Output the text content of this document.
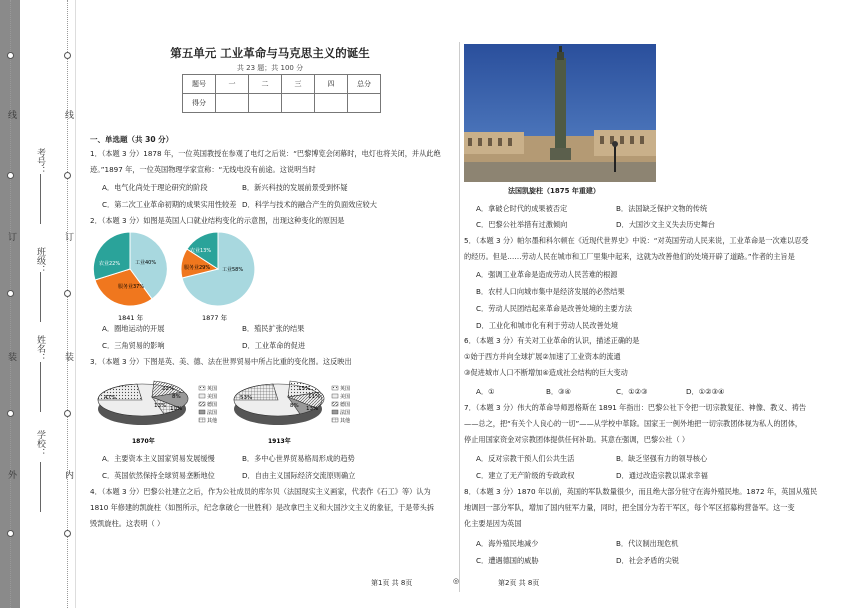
线
订
装
外
线
订
装
内
学校：
姓名：
班级：
考号：
第五单元 工业革命与马克思主义的诞生
共 23 题；共 100 分
题号	一	二	三	四	总分
得分					
一、单选题（共 30 分）
1．（本题 3 分）1878 年，一位英国教授在参观了电灯之后说：“巴黎博览会闭幕时，电灯也将关闭，并从此绝
迹。”1897 年，一位英国物理学家宣称：“无线电没有前途。这说明当时
A．电气化尚处于理论研究的阶段	B．新兴科技的发展前景受到怀疑
C．第二次工业革命初期的成果实用性较差 D．科学与技术的融合产生的负面效应较大
2．（本题 3 分）如图是英国人口就业结构变化的示意图，出现这种变化的原因是
工业40%
农业22%
服务业37%
1841 年
工业58%
农业13%
服务业29%
1877 年
A．圈地运动的开展	B．殖民扩张的结果
C．三角贸易的影响	D．工业革命的促进
3．（本题 3 分）下图是英、美、德、法在世界贸易中所占比重的变化图。这反映出
22%
47%	8%
13% 10%
1870年
英国
美国
德国
法国
其他
15%
53%	11%
8% 13%
1913年
英国
美国
德国
法国
其他
A．主要资本主义国家贸易发展缓慢	B．多中心世界贸易格局形成的趋势
C．英国依然保持全球贸易垄断地位	D．自由主义国际经济交流原则确立
4．（本题 3 分）巴黎公社建立之后，作为公社成员的库尔贝（法国现实主义画家，代表作《石工》等）认为
1810 年修建的凯旋柱（如图所示，纪念拿破仑一世胜利）是改拿巴主义和大国沙文主义的象征，于是带头拆
毁凯旋柱。这表明（ ）
法国凯旋柱（1875 年重建）
A．拿破仑时代的成果被否定	B．法国缺乏保护文物的传统
C．巴黎公社举措有过激倾向	D．大国沙文主义失去历史舞台
5．（本题 3 分）帕尔墨和科尔顿在《近现代世界史》中说：“对英国劳动人民来说，工业革命是一次难以忍受
的经历。但是……劳动人民在城市和工厂里集中起来，这就为改善他们的处境开辟了道路。”作者的主旨是
A．强调工业革命是造成劳动人民苦难的根源
B．农村人口向城市集中是经济发展的必然结果
C．劳动人民团结起来革命是改善处境的主要方法
D．工业化和城市化有利于劳动人民改善处境
6．（本题 3 分）有关对工业革命的认识，描述正确的是
①始于西方并向全球扩展②加速了工业资本的流通
③促进城市人口不断增加④造成社会结构的巨大变动
A．①	B．③④	C．①②③	D．①②③④
7．（本题 3 分）伟大的革命导师恩格斯在 1891 年指出：巴黎公社下令把一切宗教复征、神像、教义、祷告
——总之，把“有关个人良心的一切”——从学校中革除。国家王一例外地把一切宗教团体视为私人的团体，
停止用国家资金对宗教团体提供任何补助。其意在强调，巴黎公社（ ）
A．反对宗教干预人们公共生活	B．缺乏坚强有力的领导核心
C．建立了无产阶级的专政政权	D．通过改造宗教以谋求幸福
8．（本题 3 分）1870 年以前，英国的军队数量很少，而且绝大部分驻守在海外殖民地。1872 年，英国从殖民
地调回一部分军队，增加了国内驻军力量，同时，把全国分为若干军区，每个军区招募构营备军。这一变
化主要是因为英国
A．海外殖民地减少	B．代议制出现危机
C．遭遇德国的威胁	D．社会矛盾的尖锐
第1页 共 8页	◎	第2页 共 8页
